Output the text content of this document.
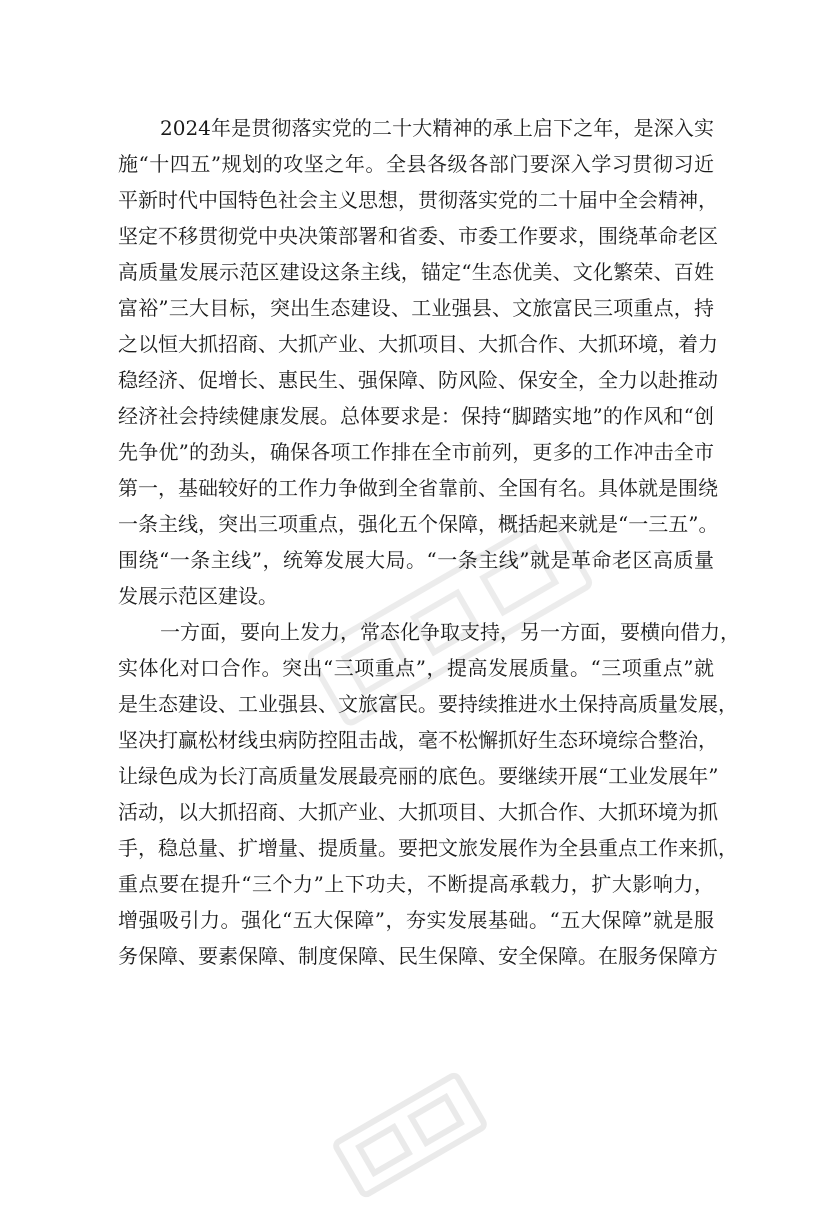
2024年是贯彻落实党的二十大精神的承上启下之年，是深入实
施“十四五”规划的攻坚之年。全县各级各部门要深入学习贯彻习近
平新时代中国特色社会主义思想，贯彻落实党的二十届中全会精神，
坚定不移贯彻党中央决策部署和省委、市委工作要求，围绕革命老区
高质量发展示范区建设这条主线，锚定“生态优美、文化繁荣、百姓
富裕”三大目标，突出生态建设、工业强县、文旅富民三项重点，持
之以恒大抓招商、大抓产业、大抓项目、大抓合作、大抓环境，着力
稳经济、促增长、惠民生、强保障、防风险、保安全，全力以赴推动
经济社会持续健康发展。总体要求是：保持“脚踏实地”的作风和“创
先争优”的劲头，确保各项工作排在全市前列，更多的工作冲击全市
第一，基础较好的工作力争做到全省靠前、全国有名。具体就是围绕
一条主线，突出三项重点，强化五个保障，概括起来就是“一三五”。
围绕“一条主线”，统筹发展大局。“一条主线”就是革命老区高质量
发展示范区建设。

一方面，要向上发力，常态化争取支持，另一方面，要横向借力，
实体化对口合作。突出“三项重点”，提高发展质量。“三项重点”就
是生态建设、工业强县、文旅富民。要持续推进水土保持高质量发展，
坚决打赢松材线虫病防控阻击战，毫不松懈抓好生态环境综合整治，
让绿色成为长汀高质量发展最亮丽的底色。要继续开展“工业发展年”
活动，以大抓招商、大抓产业、大抓项目、大抓合作、大抓环境为抓
手，稳总量、扩增量、提质量。要把文旅发展作为全县重点工作来抓，
重点要在提升“三个力”上下功夫，不断提高承载力，扩大影响力，
增强吸引力。强化“五大保障”，夯实发展基础。“五大保障”就是服
务保障、要素保障、制度保障、民生保障、安全保障。在服务保障方
